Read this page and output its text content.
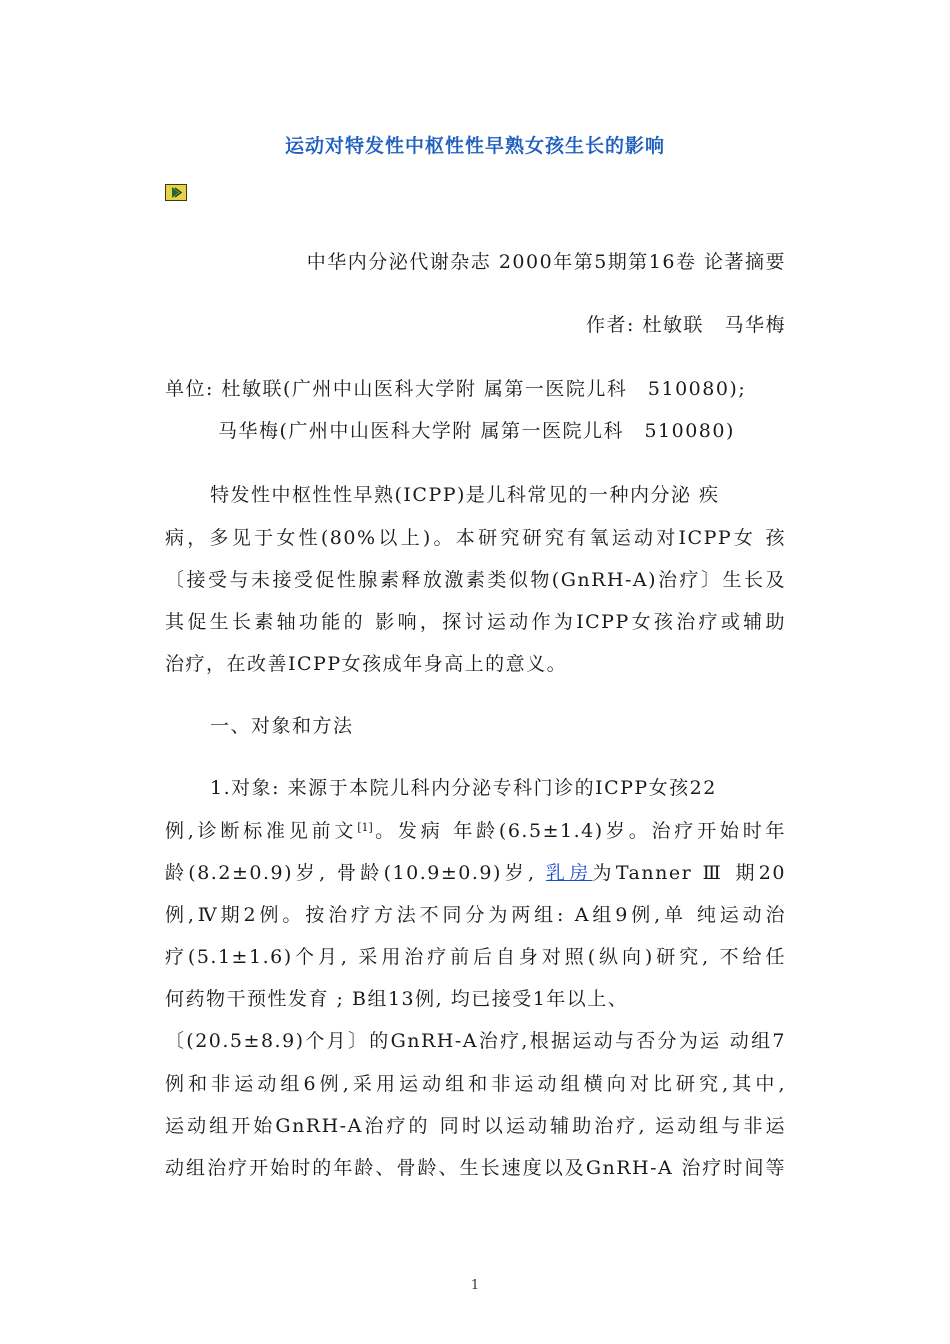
运动对特发性中枢性性早熟女孩生长的影响
中华内分泌代谢杂志 2000年第5期第16卷 论著摘要
作者: 杜敏联　马华梅
单位: 杜敏联(广州中山医科大学附 属第一医院儿科　510080);
马华梅(广州中山医科大学附 属第一医院儿科　510080)
特发性中枢性性早熟(ICPP)是儿科常见的一种内分泌 疾
病，多见于女性(80%以上)。本研究研究有氧运动对ICPP女 孩
〔接受与未接受促性腺素释放激素类似物(GnRH-A)治疗〕生长及
其促生长素轴功能的 影响，探讨运动作为ICPP女孩治疗或辅助
治疗，在改善ICPP女孩成年身高上的意义。
一、对象和方法
1.对象: 来源于本院儿科内分泌专科门诊的ICPP女孩22
例,诊断标准见前文[1]。发病 年龄(6.5±1.4)岁。治疗开始时年
龄(8.2±0.9)岁, 骨龄(10.9±0.9)岁, 乳房为Tanner Ⅲ 期20
例,Ⅳ期2例。按治疗方法不同分为两组: A组9例,单 纯运动治
疗(5.1±1.6)个月, 采用治疗前后自身对照(纵向)研究, 不给任
何药物干预性发育 ; B组13例, 均已接受1年以上、
〔(20.5±8.9)个月〕的GnRH-A治疗,根据运动与否分为运 动组7
例和非运动组6例,采用运动组和非运动组横向对比研究,其中,
运动组开始GnRH-A治疗的 同时以运动辅助治疗, 运动组与非运
动组治疗开始时的年龄、骨龄、生长速度以及GnRH-A 治疗时间等
1
